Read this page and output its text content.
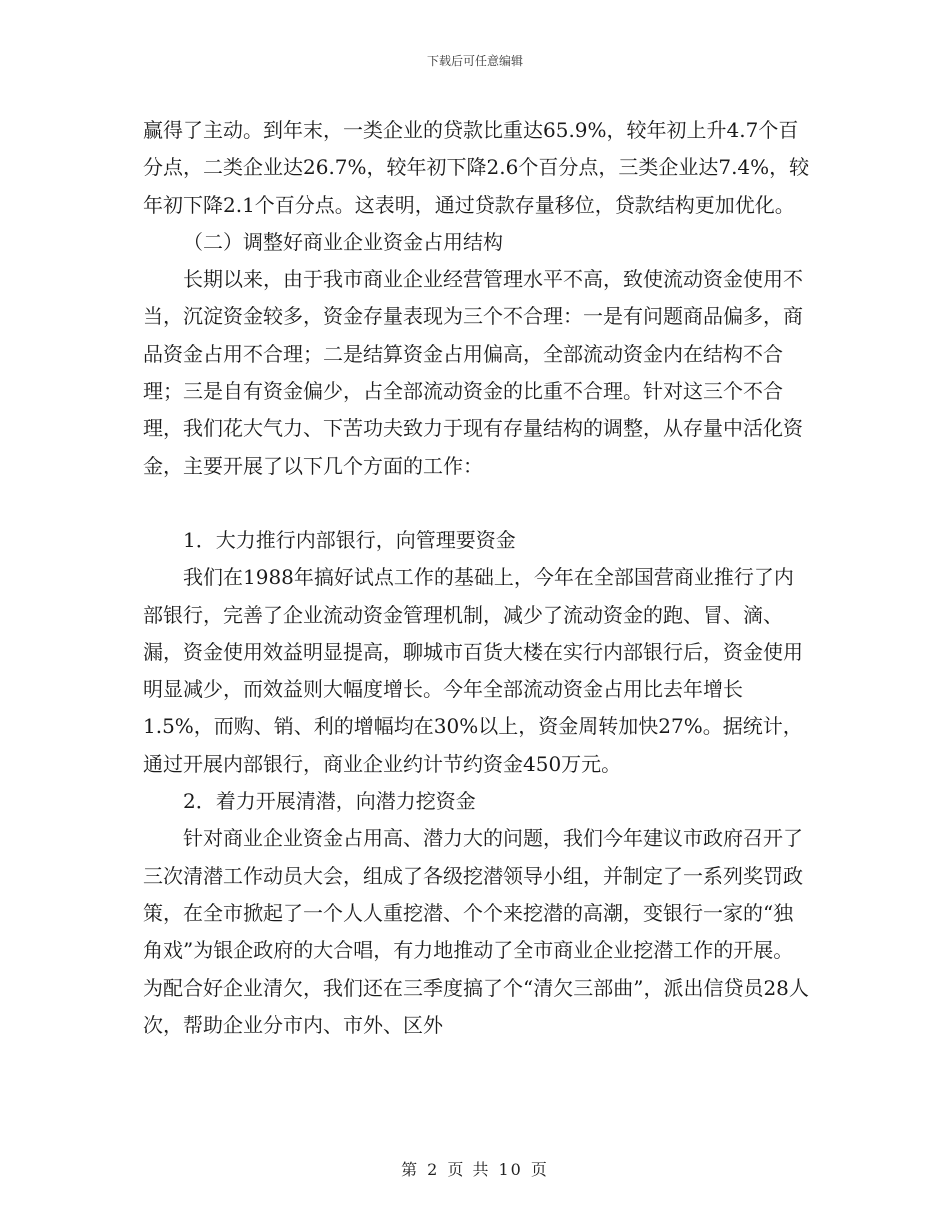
下载后可任意编辑

赢得了主动。到年末，一类企业的贷款比重达65.9%，较年初上升4.7个百分点，二类企业达26.7%，较年初下降2.6个百分点，三类企业达7.4%，较年初下降2.1个百分点。这表明，通过贷款存量移位，贷款结构更加优化。

（二）调整好商业企业资金占用结构

长期以来，由于我市商业企业经营管理水平不高，致使流动资金使用不当，沉淀资金较多，资金存量表现为三个不合理：一是有问题商品偏多，商品资金占用不合理；二是结算资金占用偏高，全部流动资金内在结构不合理；三是自有资金偏少，占全部流动资金的比重不合理。针对这三个不合理，我们花大气力、下苦功夫致力于现有存量结构的调整，从存量中活化资金，主要开展了以下几个方面的工作：

1．大力推行内部银行，向管理要资金

我们在1988年搞好试点工作的基础上，今年在全部国营商业推行了内部银行，完善了企业流动资金管理机制，减少了流动资金的跑、冒、滴、漏，资金使用效益明显提高，聊城市百货大楼在实行内部银行后，资金使用明显减少，而效益则大幅度增长。今年全部流动资金占用比去年增长1.5%，而购、销、利的增幅均在30%以上，资金周转加快27%。据统计，通过开展内部银行，商业企业约计节约资金450万元。

2．着力开展清潜，向潜力挖资金

针对商业企业资金占用高、潜力大的问题，我们今年建议市政府召开了三次清潜工作动员大会，组成了各级挖潜领导小组，并制定了一系列奖罚政策，在全市掀起了一个人人重挖潜、个个来挖潜的高潮，变银行一家的“独角戏”为银企政府的大合唱，有力地推动了全市商业企业挖潜工作的开展。为配合好企业清欠，我们还在三季度搞了个“清欠三部曲”，派出信贷员28人次，帮助企业分市内、市外、区外

第 2 页 共 10 页
